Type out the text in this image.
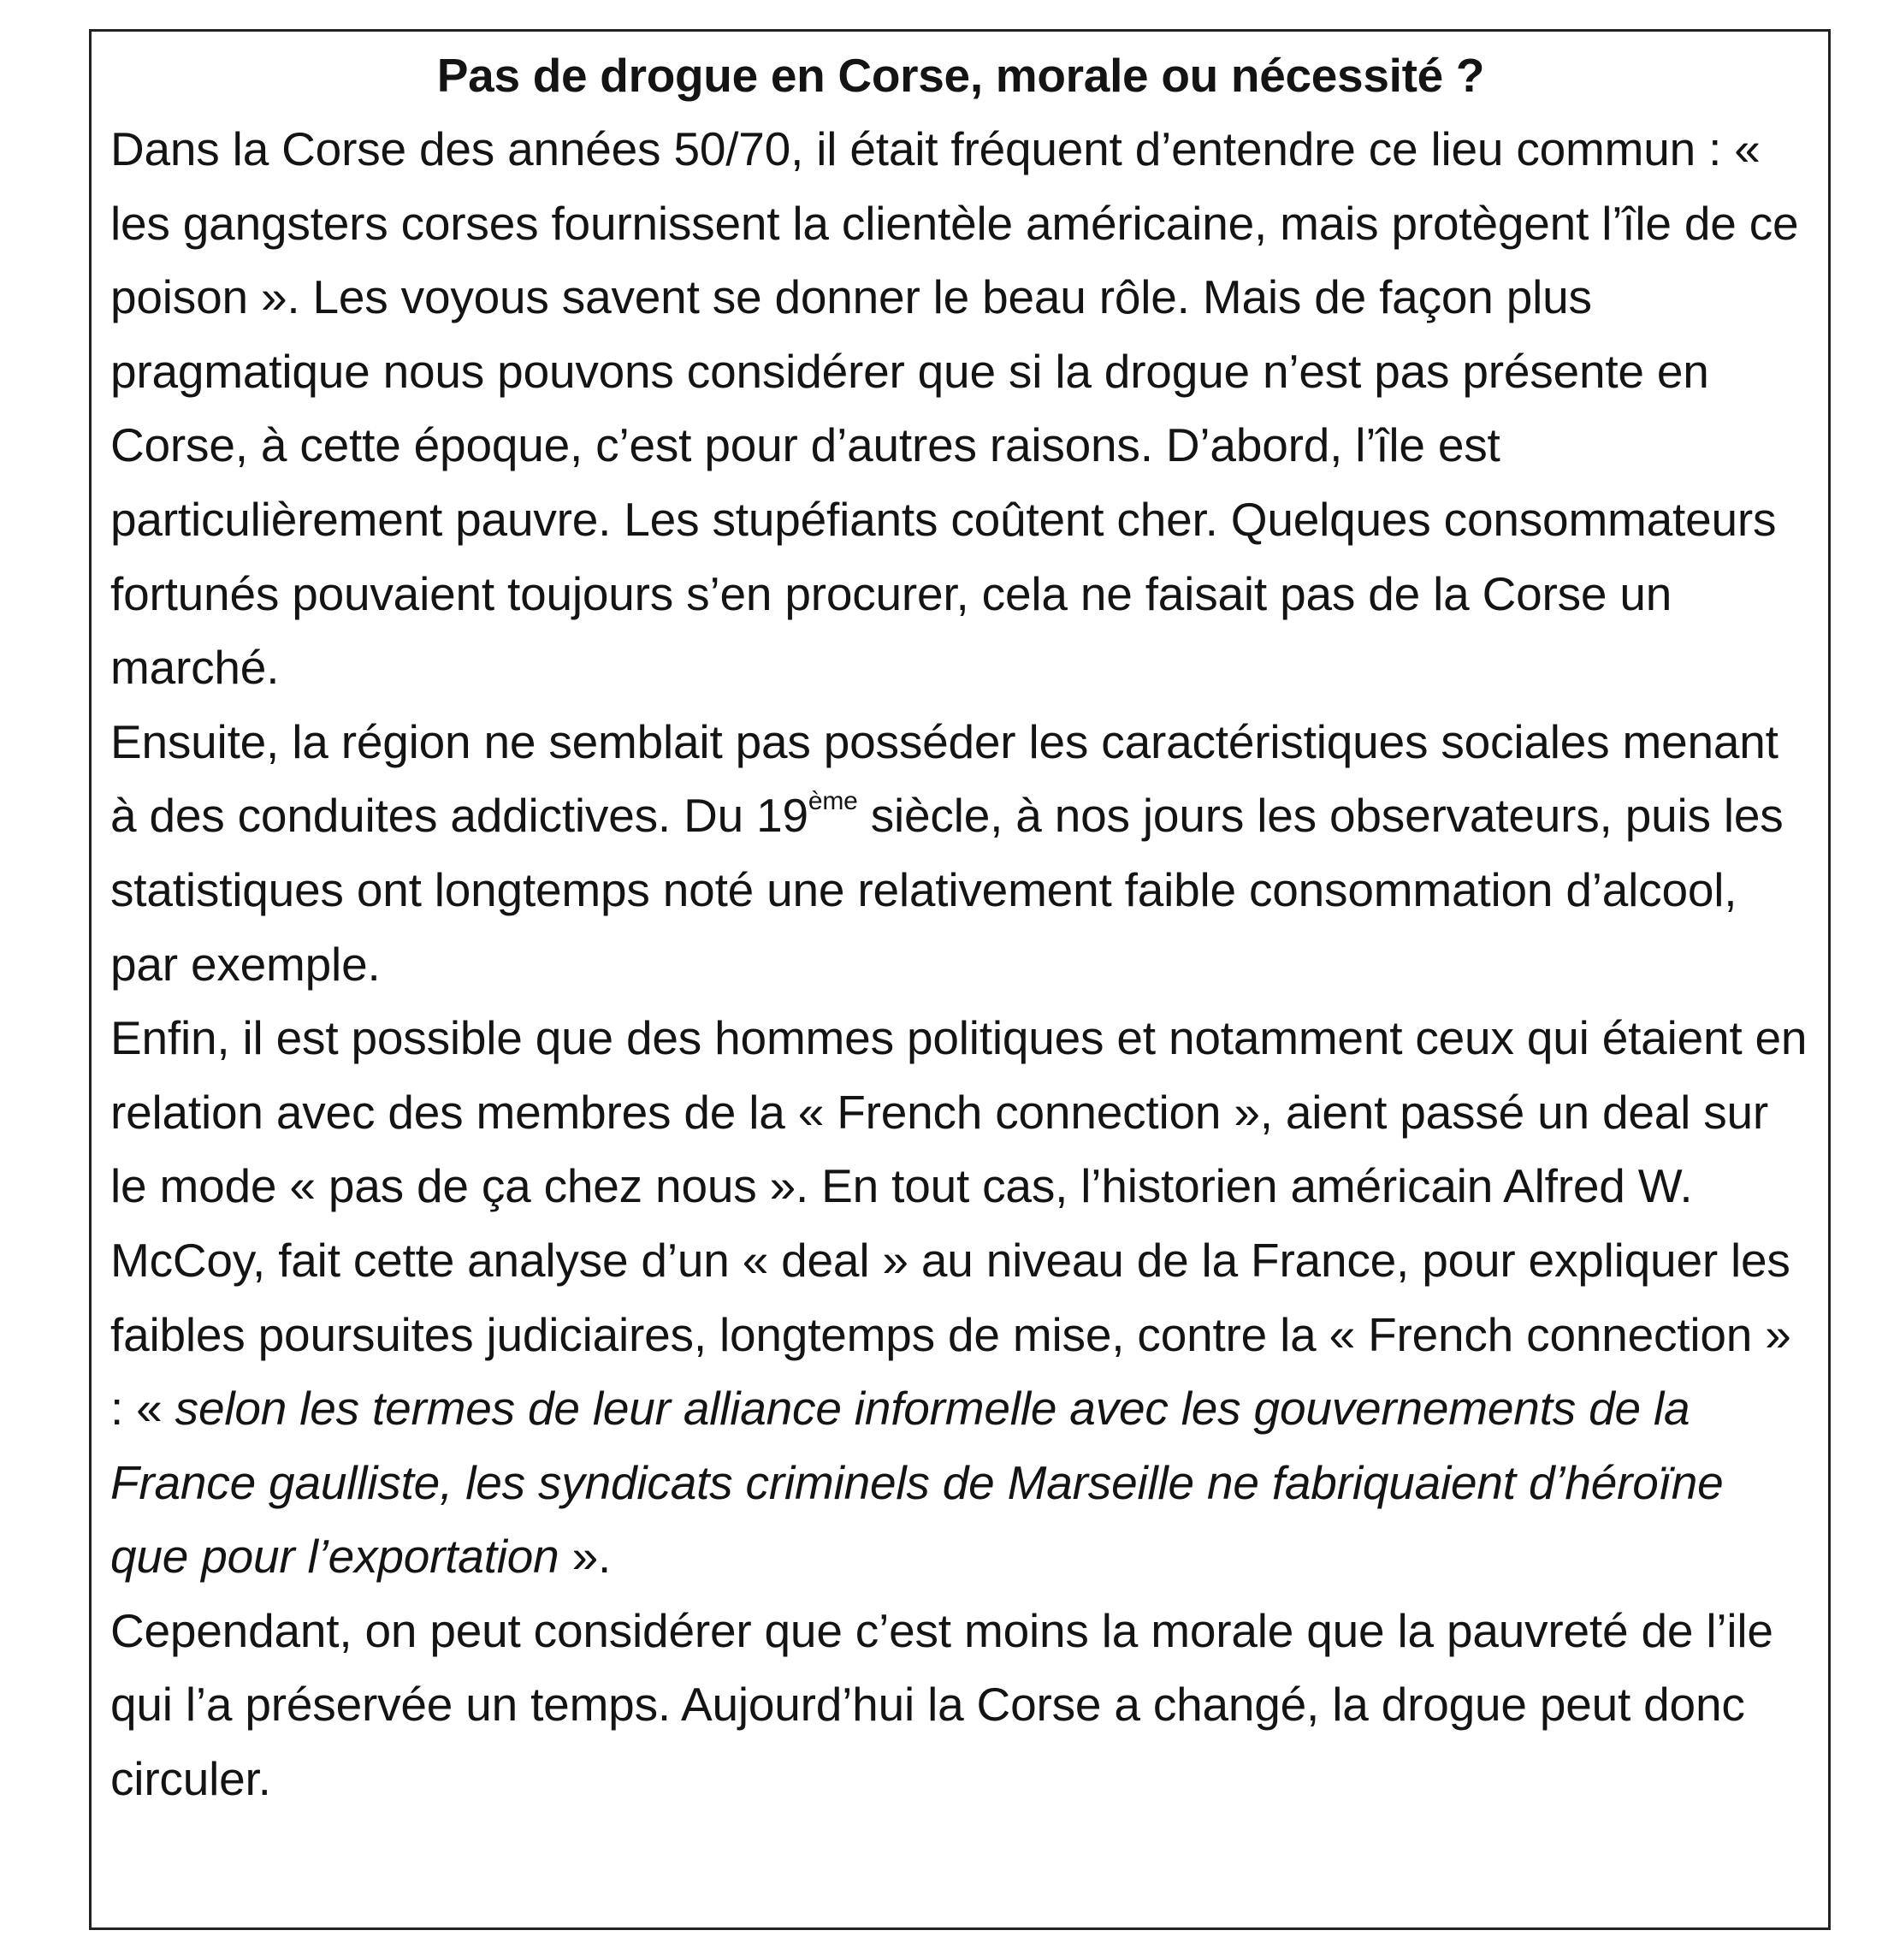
Pas de drogue en Corse, morale ou nécessité ?

Dans la Corse des années 50/70, il était fréquent d’entendre ce lieu commun : « les gangsters corses fournissent la clientèle américaine, mais protègent l’île de ce poison ». Les voyous savent se donner le beau rôle. Mais de façon plus pragmatique nous pouvons considérer que si la drogue n’est pas présente en Corse, à cette époque, c’est pour d’autres raisons. D’abord, l’île est particulièrement pauvre. Les stupéfiants coûtent cher. Quelques consommateurs fortunés pouvaient toujours s’en procurer, cela ne faisait pas de la Corse un marché.

Ensuite, la région ne semblait pas posséder les caractéristiques sociales menant à des conduites addictives. Du 19ème siècle, à nos jours les observateurs, puis les statistiques ont longtemps noté une relativement faible consommation d’alcool, par exemple.

Enfin, il est possible que des hommes politiques et notamment ceux qui étaient en relation avec des membres de la « French connection », aient passé un deal sur le mode « pas de ça chez nous ». En tout cas, l’historien américain Alfred W. McCoy, fait cette analyse d’un « deal » au niveau de la France, pour expliquer les faibles poursuites judiciaires, longtemps de mise, contre la « French connection » : « selon les termes de leur alliance informelle avec les gouvernements de la France gaulliste, les syndicats criminels de Marseille ne fabriquaient d’héroïne que pour l’exportation ».

Cependant, on peut considérer que c’est moins la morale que la pauvreté de l’ile qui l’a préservée un temps. Aujourd’hui la Corse a changé, la drogue peut donc circuler.
